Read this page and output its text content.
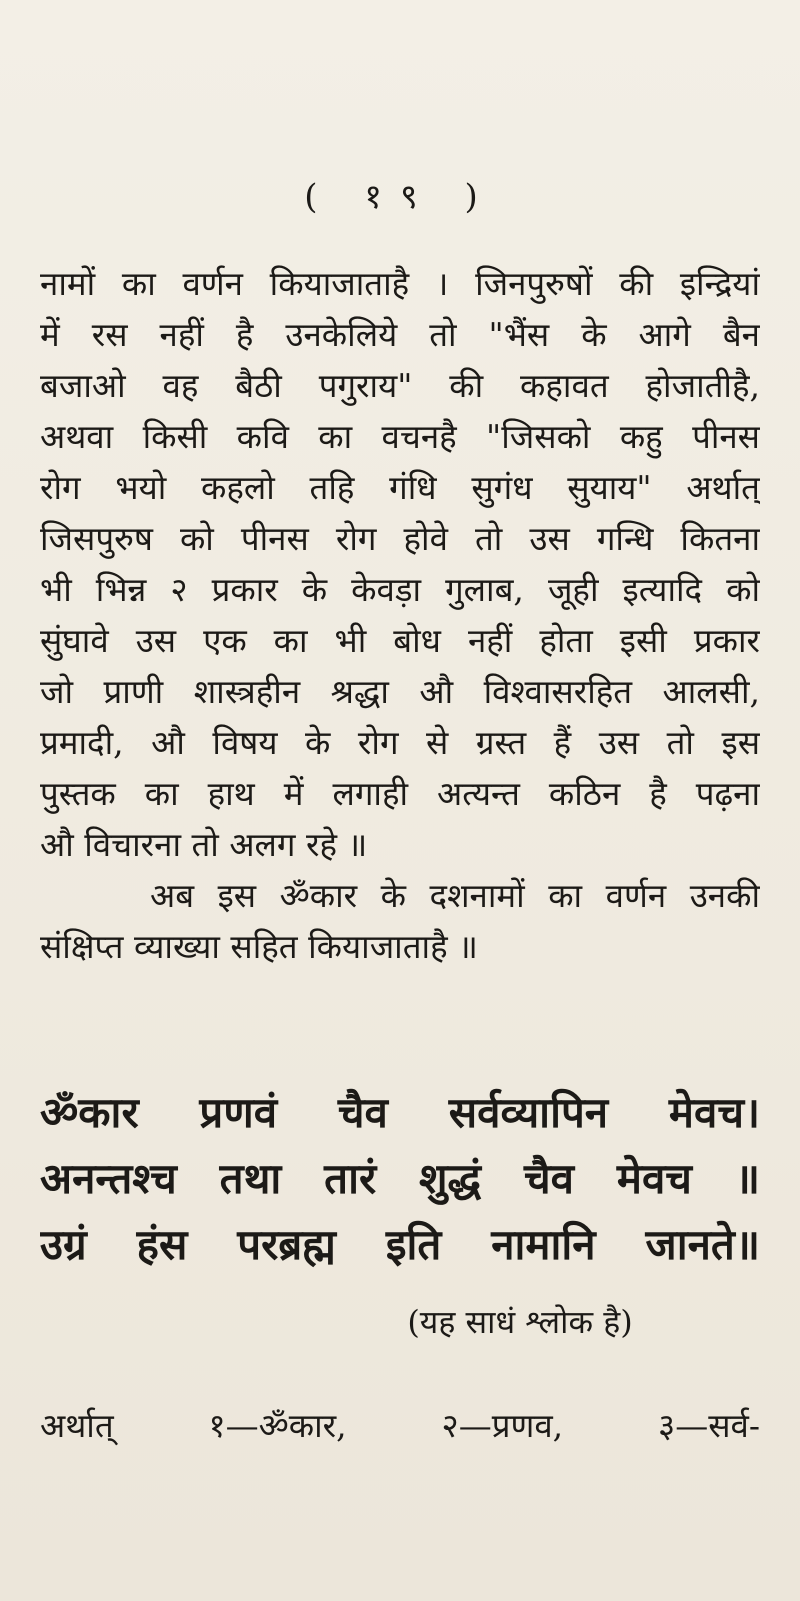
( १९ )
नामों का वर्णन कियाजाताहै । जिनपुरुषों की इन्द्रियां
में रस नहीं है उनकेलिये तो "भैंस के आगे बैन
बजाओ वह बैठी पगुराय" की कहावत होजातीहै,
अथवा किसी कवि का वचनहै "जिसको कहु पीनस
रोग भयो कहलो तहि गंधि सुगंध सुयाय" अर्थात्
जिसपुरुष को पीनस रोग होवे तो उस गन्धि कितना
भी भिन्न २ प्रकार के केवड़ा गुलाब, जूही इत्यादि को
सुंघावे उस एक का भी बोध नहीं होता इसी प्रकार
जो प्राणी शास्त्रहीन श्रद्धा औ विश्वासरहित आलसी,
प्रमादी, औ विषय के रोग से ग्रस्त हैं उस तो इस
पुस्तक का हाथ में लगाही अत्यन्त कठिन है पढ़ना
औ विचारना तो अलग रहे ॥
अब इस ॐकार के दशनामों का वर्णन उनकी
संक्षिप्त व्याख्या सहित कियाजाताहै ॥
ॐकार प्रणवं चैव सर्वव्यापिन मेवच।
अनन्तश्च तथा तारं शुद्धं चैव मेवच ॥
उग्रं हंस परब्रह्म इति नामानि जानते॥
(यह साधं श्लोक है)
अर्थात् १—ॐकार, २—प्रणव, ३—सर्व-
